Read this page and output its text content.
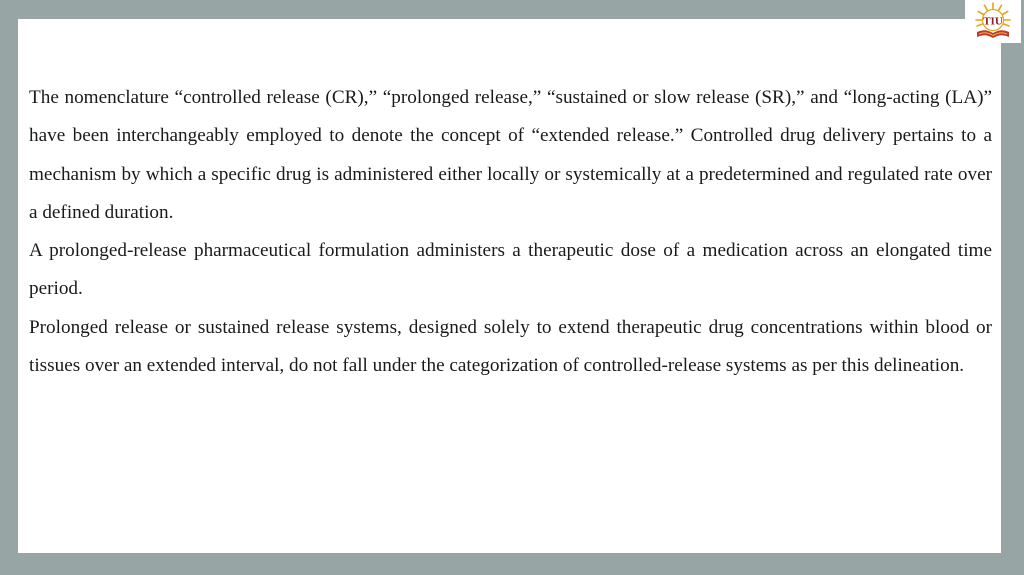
TIU

The nomenclature “controlled release (CR),” “prolonged release,” “sustained or slow release (SR),” and “long-acting (LA)” have been interchangeably employed to denote the concept of “extended release.” Controlled drug delivery pertains to a mechanism by which a specific drug is administered either locally or systemically at a predetermined and regulated rate over a defined duration.

A prolonged-release pharmaceutical formulation administers a therapeutic dose of a medication across an elongated time period.

Prolonged release or sustained release systems, designed solely to extend therapeutic drug concentrations within blood or tissues over an extended interval, do not fall under the categorization of controlled-release systems as per this delineation.
